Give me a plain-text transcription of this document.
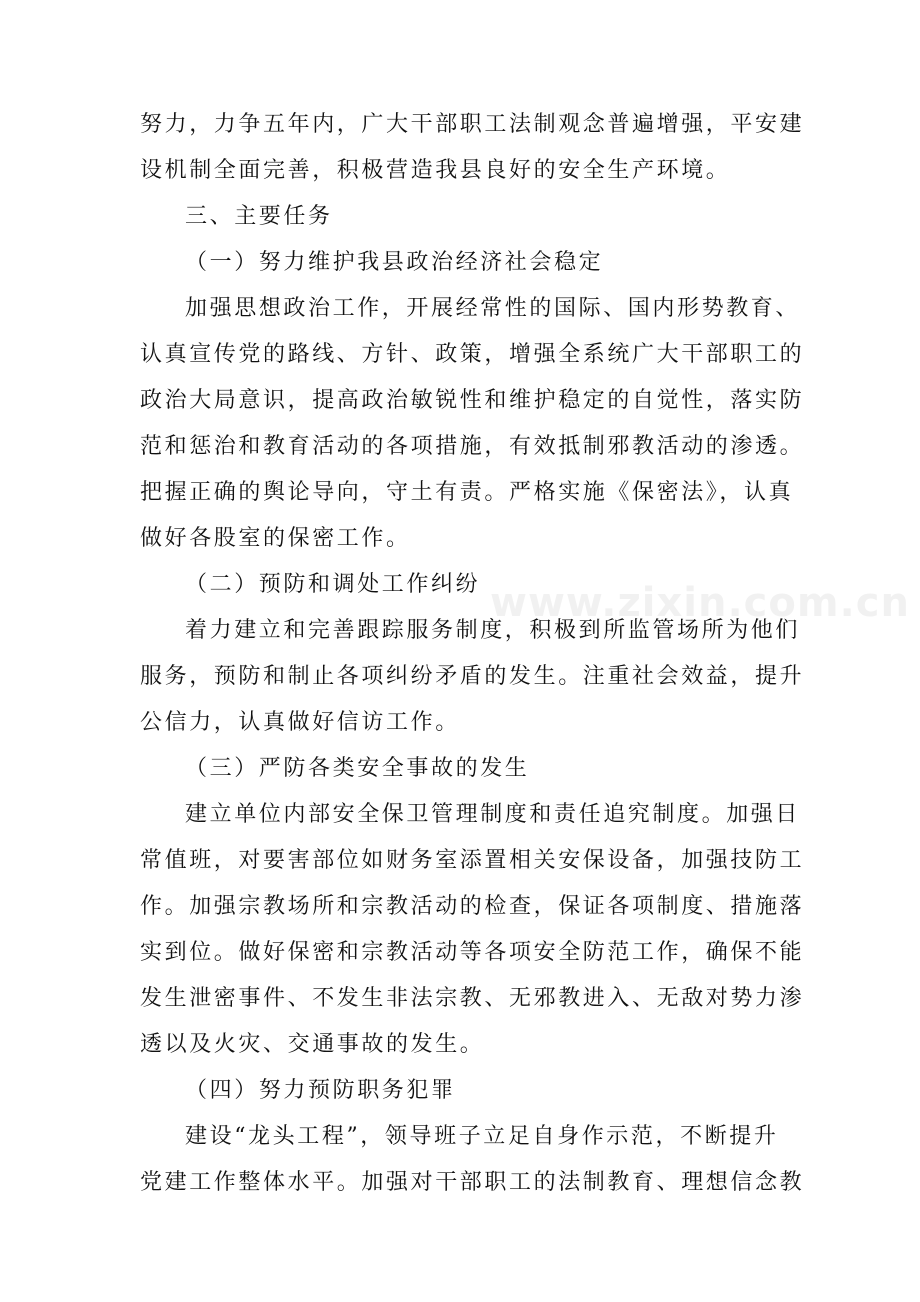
努力，力争五年内，广大干部职工法制观念普遍增强，平安建
设机制全面完善，积极营造我县良好的安全生产环境。
三、主要任务
（一）努力维护我县政治经济社会稳定
加强思想政治工作，开展经常性的国际、国内形势教育、
认真宣传党的路线、方针、政策，增强全系统广大干部职工的
政治大局意识，提高政治敏锐性和维护稳定的自觉性，落实防
范和惩治和教育活动的各项措施，有效抵制邪教活动的渗透。
把握正确的舆论导向，守土有责。严格实施《保密法》，认真
做好各股室的保密工作。
（二）预防和调处工作纠纷
着力建立和完善跟踪服务制度，积极到所监管场所为他们
服务，预防和制止各项纠纷矛盾的发生。注重社会效益，提升
公信力，认真做好信访工作。
（三）严防各类安全事故的发生
建立单位内部安全保卫管理制度和责任追究制度。加强日
常值班，对要害部位如财务室添置相关安保设备，加强技防工
作。加强宗教场所和宗教活动的检查，保证各项制度、措施落
实到位。做好保密和宗教活动等各项安全防范工作，确保不能
发生泄密事件、不发生非法宗教、无邪教进入、无敌对势力渗
透以及火灾、交通事故的发生。
（四）努力预防职务犯罪
建设“龙头工程”，领导班子立足自身作示范，不断提升
党建工作整体水平。加强对干部职工的法制教育、理想信念教
www.zixin.com.cn
